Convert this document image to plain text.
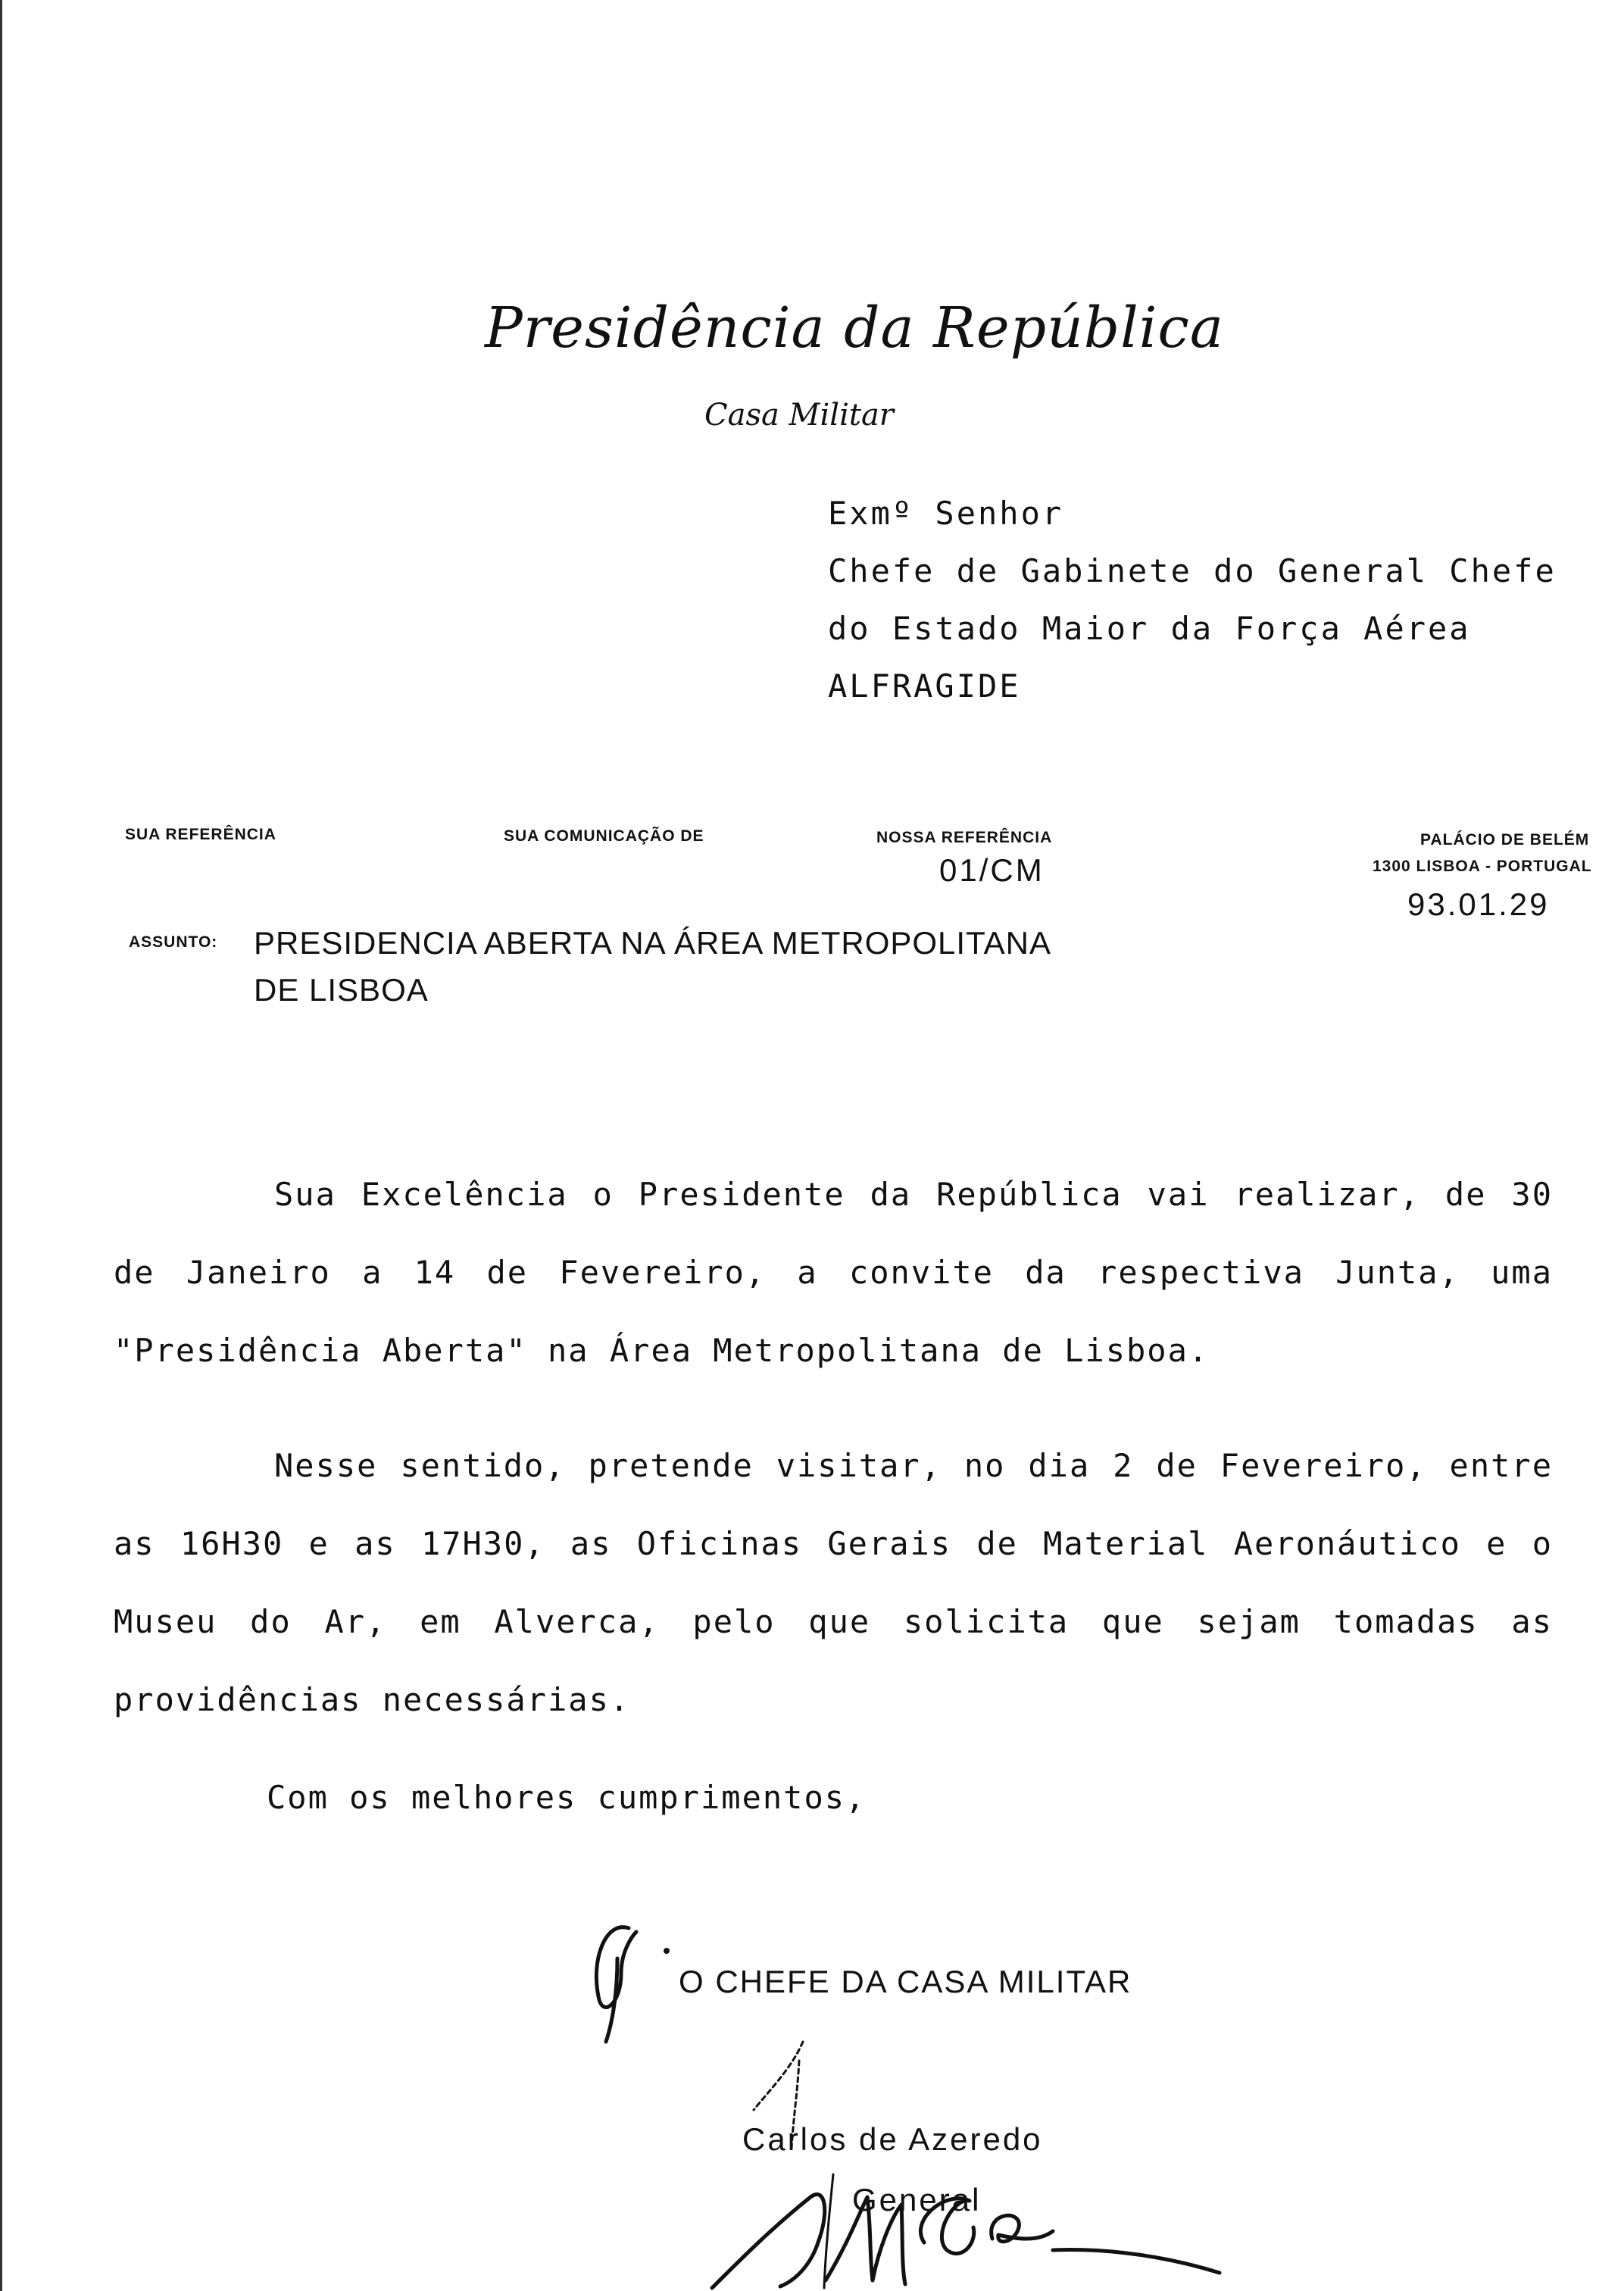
Presidência da República
Casa Militar
Exmº Senhor
Chefe de Gabinete do General Chefe
do Estado Maior da Força Aérea
ALFRAGIDE
SUA REFERÊNCIA	SUA COMUNICAÇÃO DE	NOSSA REFERÊNCIA
01/CM
PALÁCIO DE BELÉM
1300 LISBOA - PORTUGAL
93.01.29
ASSUNTO: PRESIDENCIA ABERTA NA ÁREA METROPOLITANA
DE LISBOA
Sua Excelência o Presidente da República vai realizar, de 30 de Janeiro a 14 de Fevereiro, a convite da respectiva Junta, uma "Presidência Aberta" na Área Metropolitana de Lisboa.
Nesse sentido, pretende visitar, no dia 2 de Fevereiro, entre as 16H30 e as 17H30, as Oficinas Gerais de Material Aeronáutico e o Museu do Ar, em Alverca, pelo que solicita que sejam tomadas as providências necessárias.
Com os melhores cumprimentos,
O CHEFE DA CASA MILITAR
Carlos de Azeredo
General
